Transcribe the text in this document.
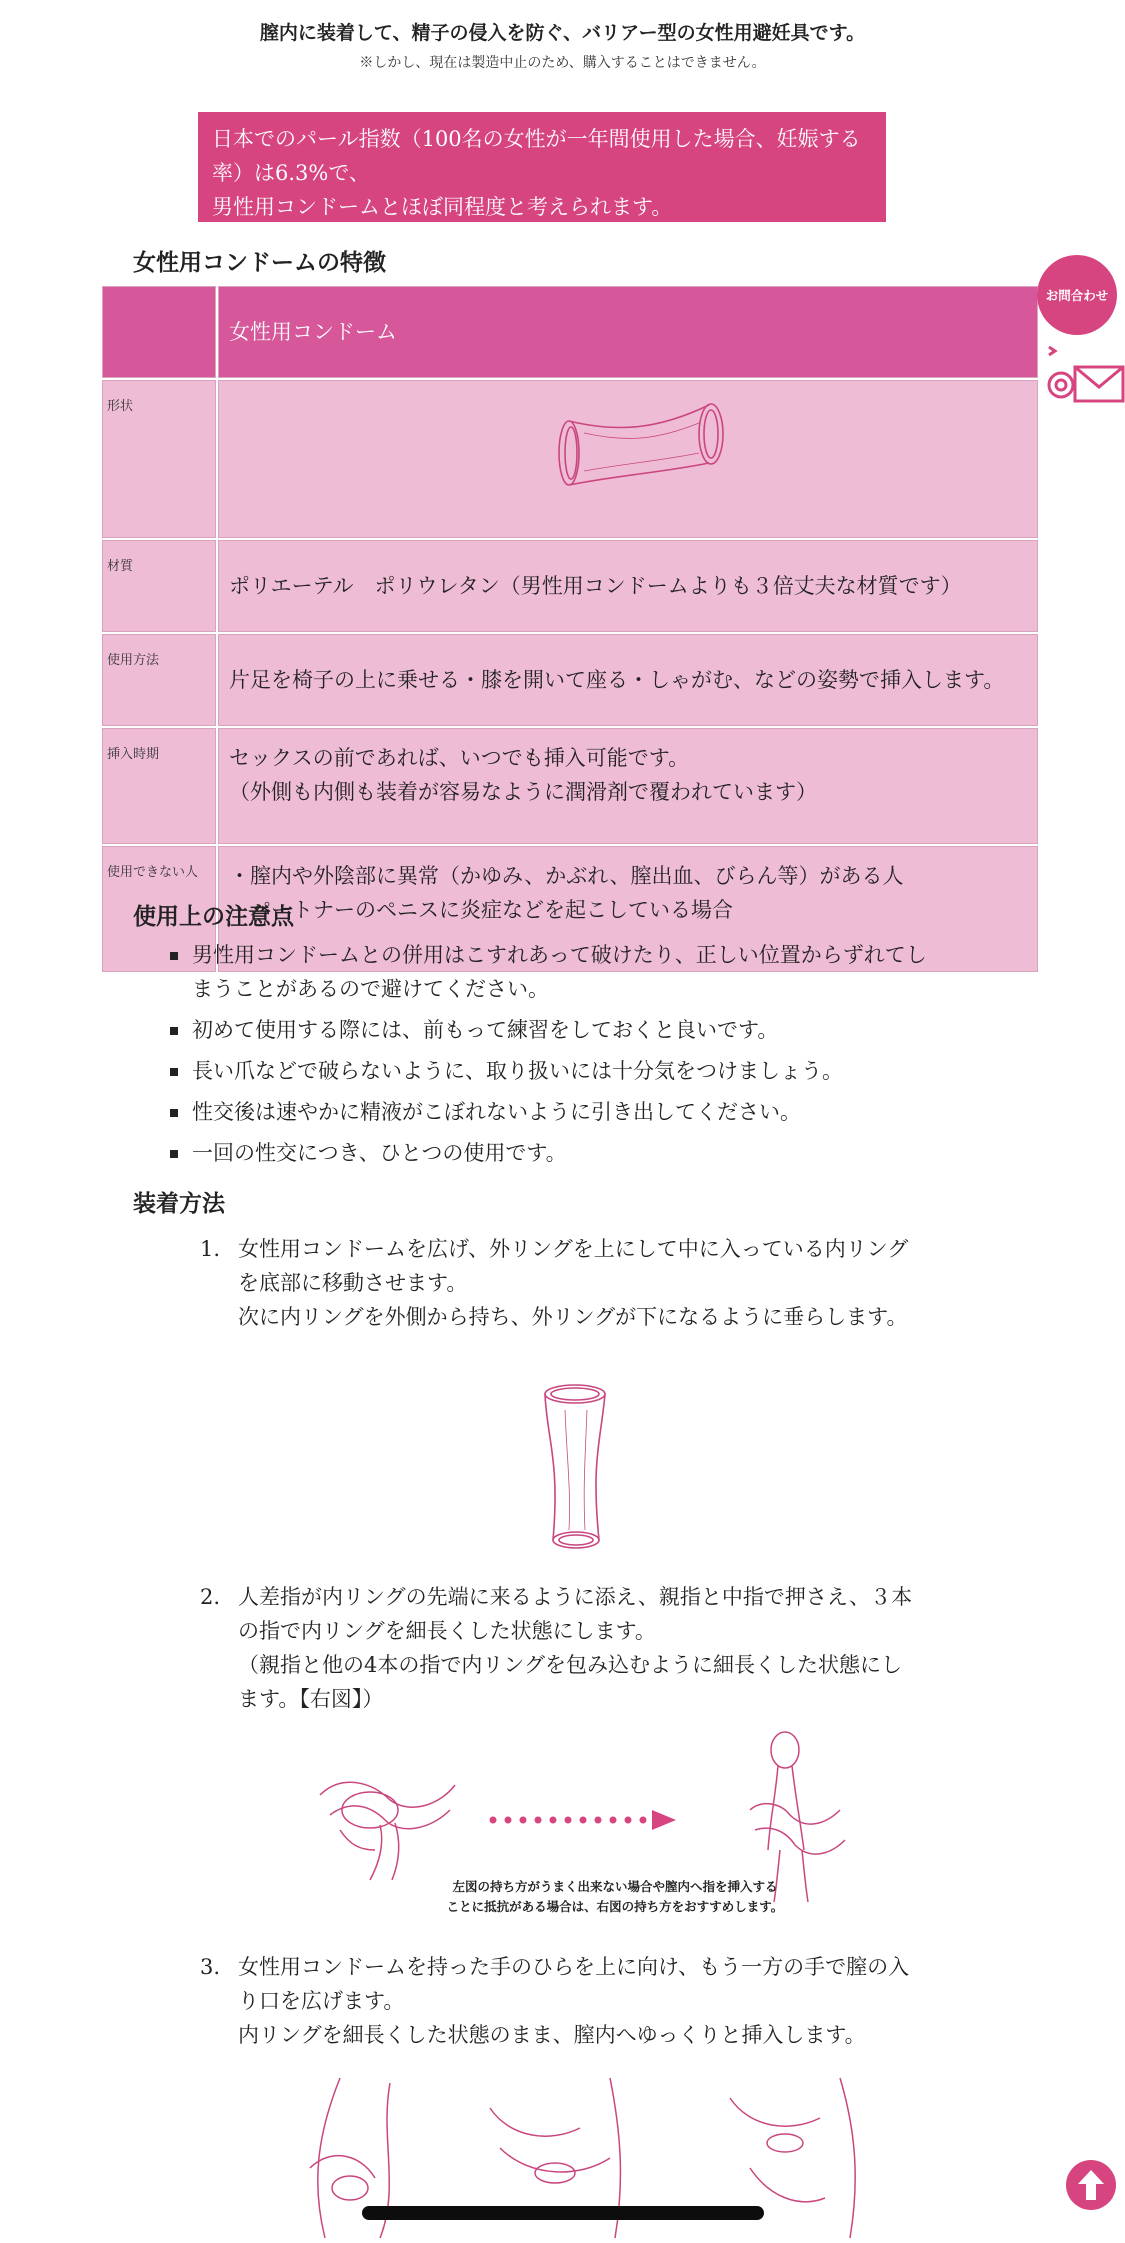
膣内に装着して、精子の侵入を防ぐ、バリアー型の女性用避妊具です。
※しかし、現在は製造中止のため、購入することはできません。

日本でのパール指数（100名の女性が一年間使用した場合、妊娠する率）は6.3%で、

男性用コンドームとほぼ同程度と考えられます。

女性用コンドームの特徴
	女性用コンドーム
形状	
材質	ポリエーテル　ポリウレタン（男性用コンドームよりも３倍丈夫な材質です）
使用方法	片足を椅子の上に乗せる・膝を開いて座る・しゃがむ、などの姿勢で挿入します。
挿入時期	セックスの前であれば、いつでも挿入可能です。
（外側も内側も装着が容易なように潤滑剤で覆われています）

使用できない人	・膣内や外陰部に異常（かゆみ、かぶれ、膣出血、びらん等）がある人
・パートナーのペニスに炎症などを起こしている場合
使用上の注意点
男性用コンドームとの併用はこすれあって破けたり、正しい位置からずれてしまうことがあるので避けてください。
初めて使用する際には、前もって練習をしておくと良いです。
長い爪などで破らないように、取り扱いには十分気をつけましょう。
性交後は速やかに精液がこぼれないように引き出してください。
一回の性交につき、ひとつの使用です。
装着方法
1. 女性用コンドームを広げ、外リングを上にして中に入っている内リングを底部に移動させます。

次に内リングを外側から持ち、外リングが下になるように垂らします。

2. 人差指が内リングの先端に来るように添え、親指と中指で押さえ、３本の指で内リングを細長くした状態にします。

（親指と他の4本の指で内リングを包み込むように細長くした状態にします。【右図】）

左図の持ち方がうまく出来ない場合や膣内へ指を挿入する
ことに抵抗がある場合は、右図の持ち方をおすすめします。
3. 女性用コンドームを持った手のひらを上に向け、もう一方の手で膣の入り口を広げます。

内リングを細長くした状態のまま、膣内へゆっくりと挿入します。

お問合わせ
